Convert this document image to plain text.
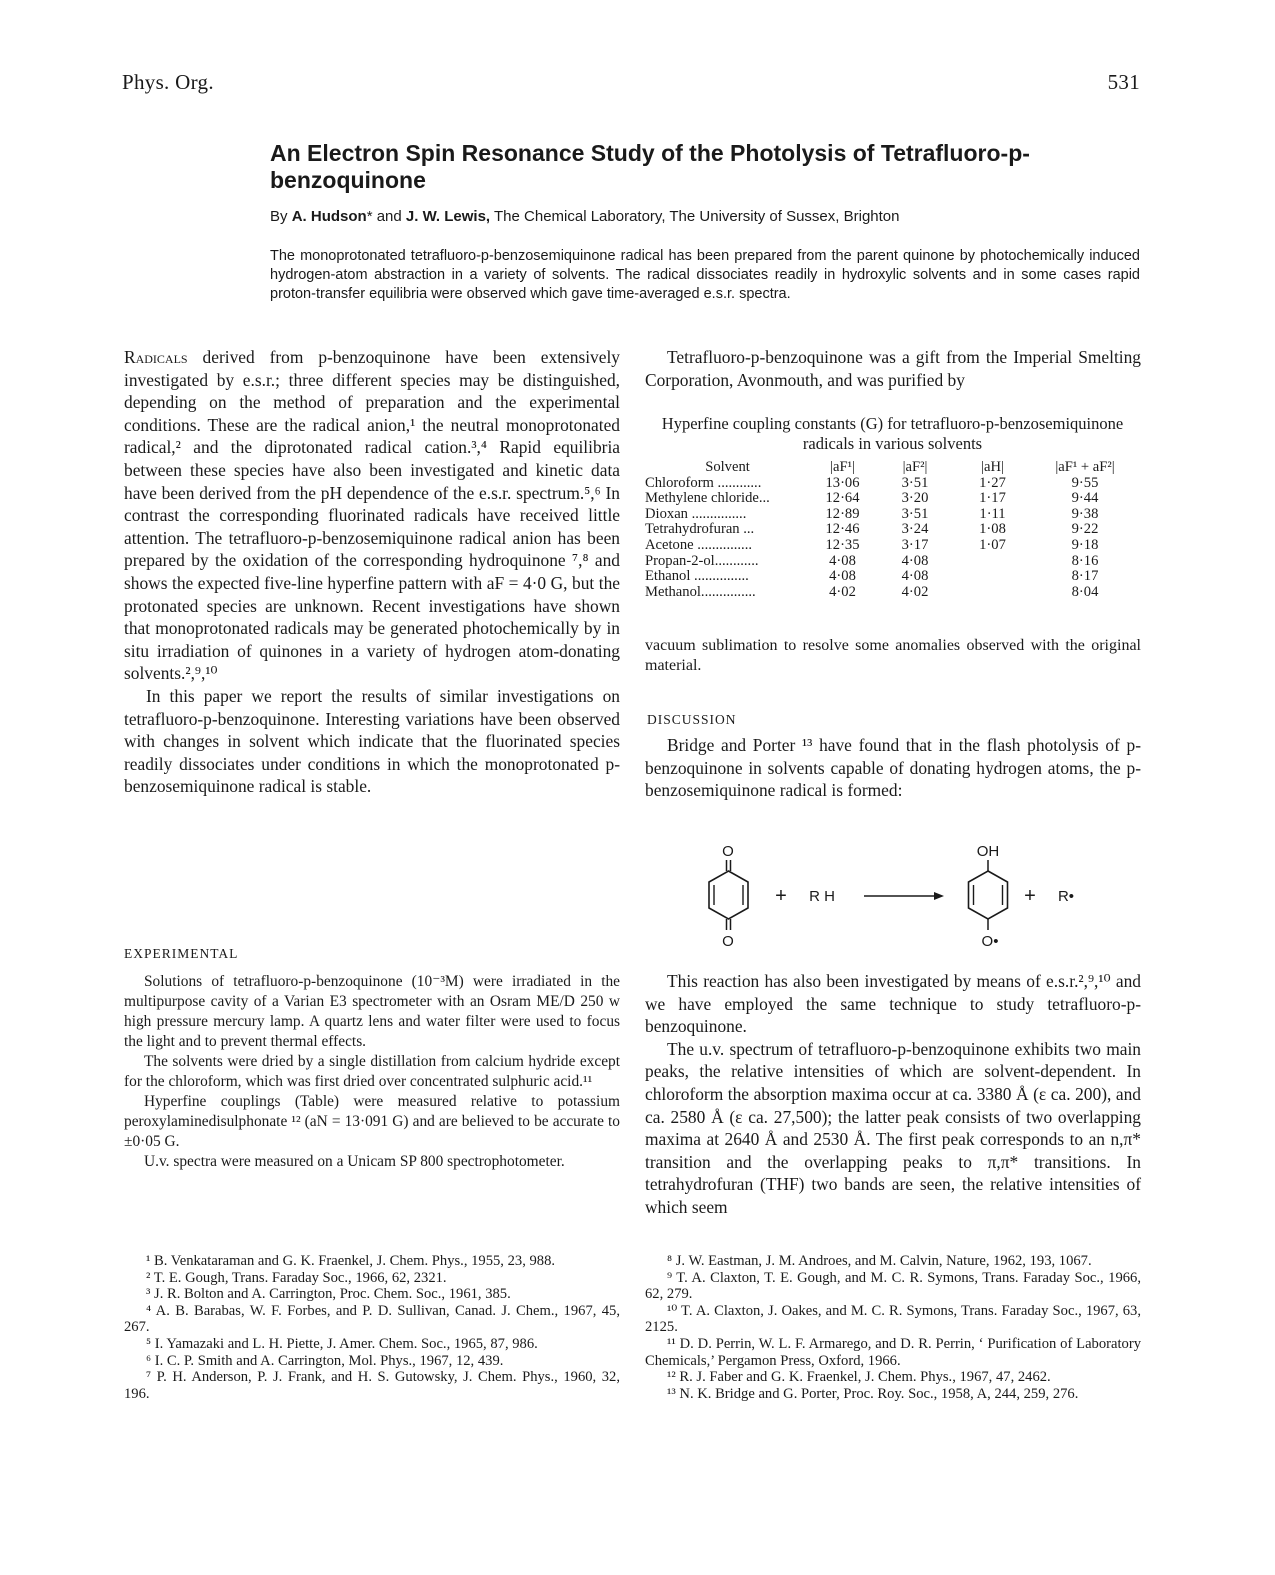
Phys. Org.	531
An Electron Spin Resonance Study of the Photolysis of Tetrafluoro-p-benzoquinone
By A. Hudson* and J. W. Lewis, The Chemical Laboratory, The University of Sussex, Brighton
The monoprotonated tetrafluoro-p-benzosemiquinone radical has been prepared from the parent quinone by photochemically induced hydrogen-atom abstraction in a variety of solvents. The radical dissociates readily in hydroxylic solvents and in some cases rapid proton-transfer equilibria were observed which gave time-averaged e.s.r. spectra.

Radicals derived from p-benzoquinone have been extensively investigated by e.s.r.; three different species may be distinguished, depending on the method of preparation and the experimental conditions. These are the radical anion,¹ the neutral monoprotonated radical,² and the diprotonated radical cation.³,⁴ Rapid equilibria between these species have also been investigated and kinetic data have been derived from the pH dependence of the e.s.r. spectrum.⁵,⁶ In contrast the corresponding fluorinated radicals have received little attention. The tetrafluoro-p-benzosemiquinone radical anion has been prepared by the oxidation of the corresponding hydroquinone ⁷,⁸ and shows the expected five-line hyperfine pattern with aF = 4·0 G, but the protonated species are unknown. Recent investigations have shown that monoprotonated radicals may be generated photochemically by in situ irradiation of quinones in a variety of hydrogen atom-donating solvents.²,⁹,¹⁰

In this paper we report the results of similar investigations on tetrafluoro-p-benzoquinone. Interesting variations have been observed with changes in solvent which indicate that the fluorinated species readily dissociates under conditions in which the monoprotonated p-benzosemiquinone radical is stable.

EXPERIMENTAL

Solutions of tetrafluoro-p-benzoquinone (10⁻³M) were irradiated in the multipurpose cavity of a Varian E3 spectrometer with an Osram ME/D 250 w high pressure mercury lamp. A quartz lens and water filter were used to focus the light and to prevent thermal effects.

The solvents were dried by a single distillation from calcium hydride except for the chloroform, which was first dried over concentrated sulphuric acid.¹¹

Hyperfine couplings (Table) were measured relative to potassium peroxylaminedisulphonate ¹² (aN = 13·091 G) and are believed to be accurate to ±0·05 G.

U.v. spectra were measured on a Unicam SP 800 spectrophotometer.

¹ B. Venkataraman and G. K. Fraenkel, J. Chem. Phys., 1955, 23, 988.
² T. E. Gough, Trans. Faraday Soc., 1966, 62, 2321.
³ J. R. Bolton and A. Carrington, Proc. Chem. Soc., 1961, 385.
⁴ A. B. Barabas, W. F. Forbes, and P. D. Sullivan, Canad. J. Chem., 1967, 45, 267.
⁵ I. Yamazaki and L. H. Piette, J. Amer. Chem. Soc., 1965, 87, 986.
⁶ I. C. P. Smith and A. Carrington, Mol. Phys., 1967, 12, 439.
⁷ P. H. Anderson, P. J. Frank, and H. S. Gutowsky, J. Chem. Phys., 1960, 32, 196.

Tetrafluoro-p-benzoquinone was a gift from the Imperial Smelting Corporation, Avonmouth, and was purified by

Hyperfine coupling constants (G) for tetrafluoro-p-benzosemiquinone radicals in various solvents
Solvent	|aF¹|	|aF²|	|aH|	|aF¹ + aF²|
Chloroform ............	13·06	3·51	1·27	9·55
Methylene chloride...	12·64	3·20	1·17	9·44
Dioxan ...............	12·89	3·51	1·11	9·38
Tetrahydrofuran ...	12·46	3·24	1·08	9·22
Acetone ...............	12·35	3·17	1·07	9·18
Propan-2-ol............	4·08	4·08		8·16
Ethanol ...............	4·08	4·08		8·17
Methanol...............	4·02	4·02		8·04

vacuum sublimation to resolve some anomalies observed with the original material.

DISCUSSION

Bridge and Porter ¹³ have found that in the flash photolysis of p-benzoquinone in solvents capable of donating hydrogen atoms, the p-benzosemiquinone radical is formed:

O
O
+ R H
OH
O•
+ R•

This reaction has also been investigated by means of e.s.r.²,⁹,¹⁰ and we have employed the same technique to study tetrafluoro-p-benzoquinone.

The u.v. spectrum of tetrafluoro-p-benzoquinone exhibits two main peaks, the relative intensities of which are solvent-dependent. In chloroform the absorption maxima occur at ca. 3380 Å (ε ca. 200), and ca. 2580 Å (ε ca. 27,500); the latter peak consists of two overlapping maxima at 2640 Å and 2530 Å. The first peak corresponds to an n,π* transition and the overlapping peaks to π,π* transitions. In tetrahydrofuran (THF) two bands are seen, the relative intensities of which seem

⁸ J. W. Eastman, J. M. Androes, and M. Calvin, Nature, 1962, 193, 1067.
⁹ T. A. Claxton, T. E. Gough, and M. C. R. Symons, Trans. Faraday Soc., 1966, 62, 279.
¹⁰ T. A. Claxton, J. Oakes, and M. C. R. Symons, Trans. Faraday Soc., 1967, 63, 2125.
¹¹ D. D. Perrin, W. L. F. Armarego, and D. R. Perrin, ‘ Purification of Laboratory Chemicals,’ Pergamon Press, Oxford, 1966.
¹² R. J. Faber and G. K. Fraenkel, J. Chem. Phys., 1967, 47, 2462.
¹³ N. K. Bridge and G. Porter, Proc. Roy. Soc., 1958, A, 244, 259, 276.
